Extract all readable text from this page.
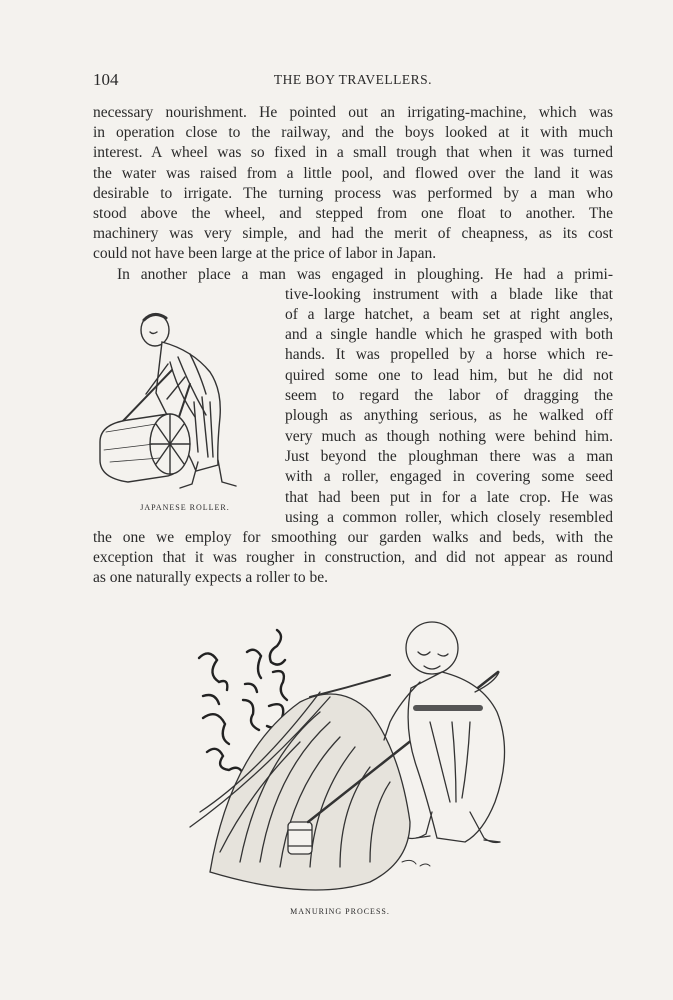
104	THE BOY TRAVELLERS.
necessary nourishment. He pointed out an irrigating-machine, which was
in operation close to the railway, and the boys looked at it with much
interest. A wheel was so fixed in a small trough that when it was turned
the water was raised from a little pool, and flowed over the land it was
desirable to irrigate. The turning process was performed by a man who
stood above the wheel, and stepped from one float to another. The
machinery was very simple, and had the merit of cheapness, as its cost
could not have been large at the price of labor in Japan.
In another place a man was engaged in ploughing. He had a primi-
tive-looking instrument with a blade like that
of a large hatchet, a beam set at right angles,
and a single handle which he grasped with both
hands. It was propelled by a horse which re-
quired some one to lead him, but he did not
seem to regard the labor of dragging the
plough as anything serious, as he walked off
very much as though nothing were behind him.
Just beyond the ploughman there was a man
with a roller, engaged in covering some seed
that had been put in for a late crop. He was
using a common roller, which closely resembled
the one we employ for smoothing our garden walks and beds, with the
exception that it was rougher in construction, and did not appear as round
as one naturally expects a roller to be.
JAPANESE ROLLER.
MANURING PROCESS.
